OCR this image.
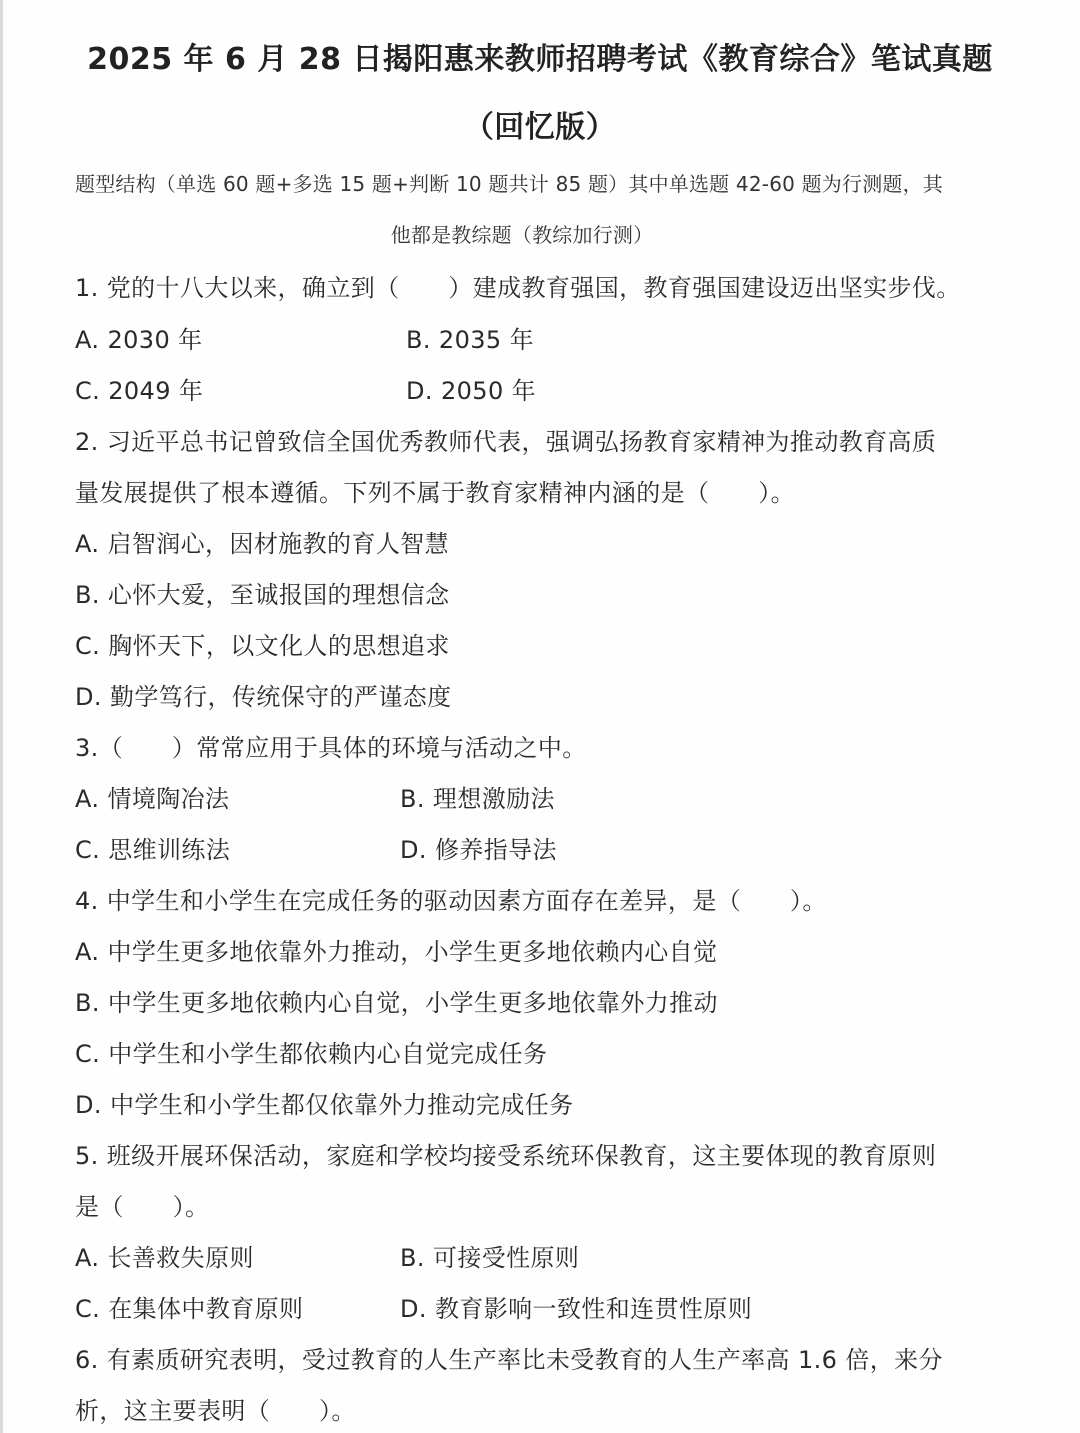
2025 年 6 月 28 日揭阳惠来教师招聘考试《教育综合》笔试真题
（回忆版）
题型结构（单选 60 题+多选 15 题+判断 10 题共计 85 题）其中单选题 42-60 题为行测题，其
他都是教综题（教综加行测）
1. 党的十八大以来，确立到（　　）建成教育强国，教育强国建设迈出坚实步伐。
A. 2030 年	B. 2035 年
C. 2049 年	D. 2050 年
2. 习近平总书记曾致信全国优秀教师代表，强调弘扬教育家精神为推动教育高质
量发展提供了根本遵循。下列不属于教育家精神内涵的是（　　）。
A. 启智润心，因材施教的育人智慧
B. 心怀大爱，至诚报国的理想信念
C. 胸怀天下，以文化人的思想追求
D. 勤学笃行，传统保守的严谨态度
3.（　　）常常应用于具体的环境与活动之中。
A. 情境陶冶法	B. 理想激励法
C. 思维训练法	D. 修养指导法
4. 中学生和小学生在完成任务的驱动因素方面存在差异，是（　　）。
A. 中学生更多地依靠外力推动，小学生更多地依赖内心自觉
B. 中学生更多地依赖内心自觉，小学生更多地依靠外力推动
C. 中学生和小学生都依赖内心自觉完成任务
D. 中学生和小学生都仅依靠外力推动完成任务
5. 班级开展环保活动，家庭和学校均接受系统环保教育，这主要体现的教育原则
是（　　）。
A. 长善救失原则	B. 可接受性原则
C. 在集体中教育原则	D. 教育影响一致性和连贯性原则
6. 有素质研究表明，受过教育的人生产率比未受教育的人生产率高 1.6 倍，来分
析，这主要表明（　　）。
